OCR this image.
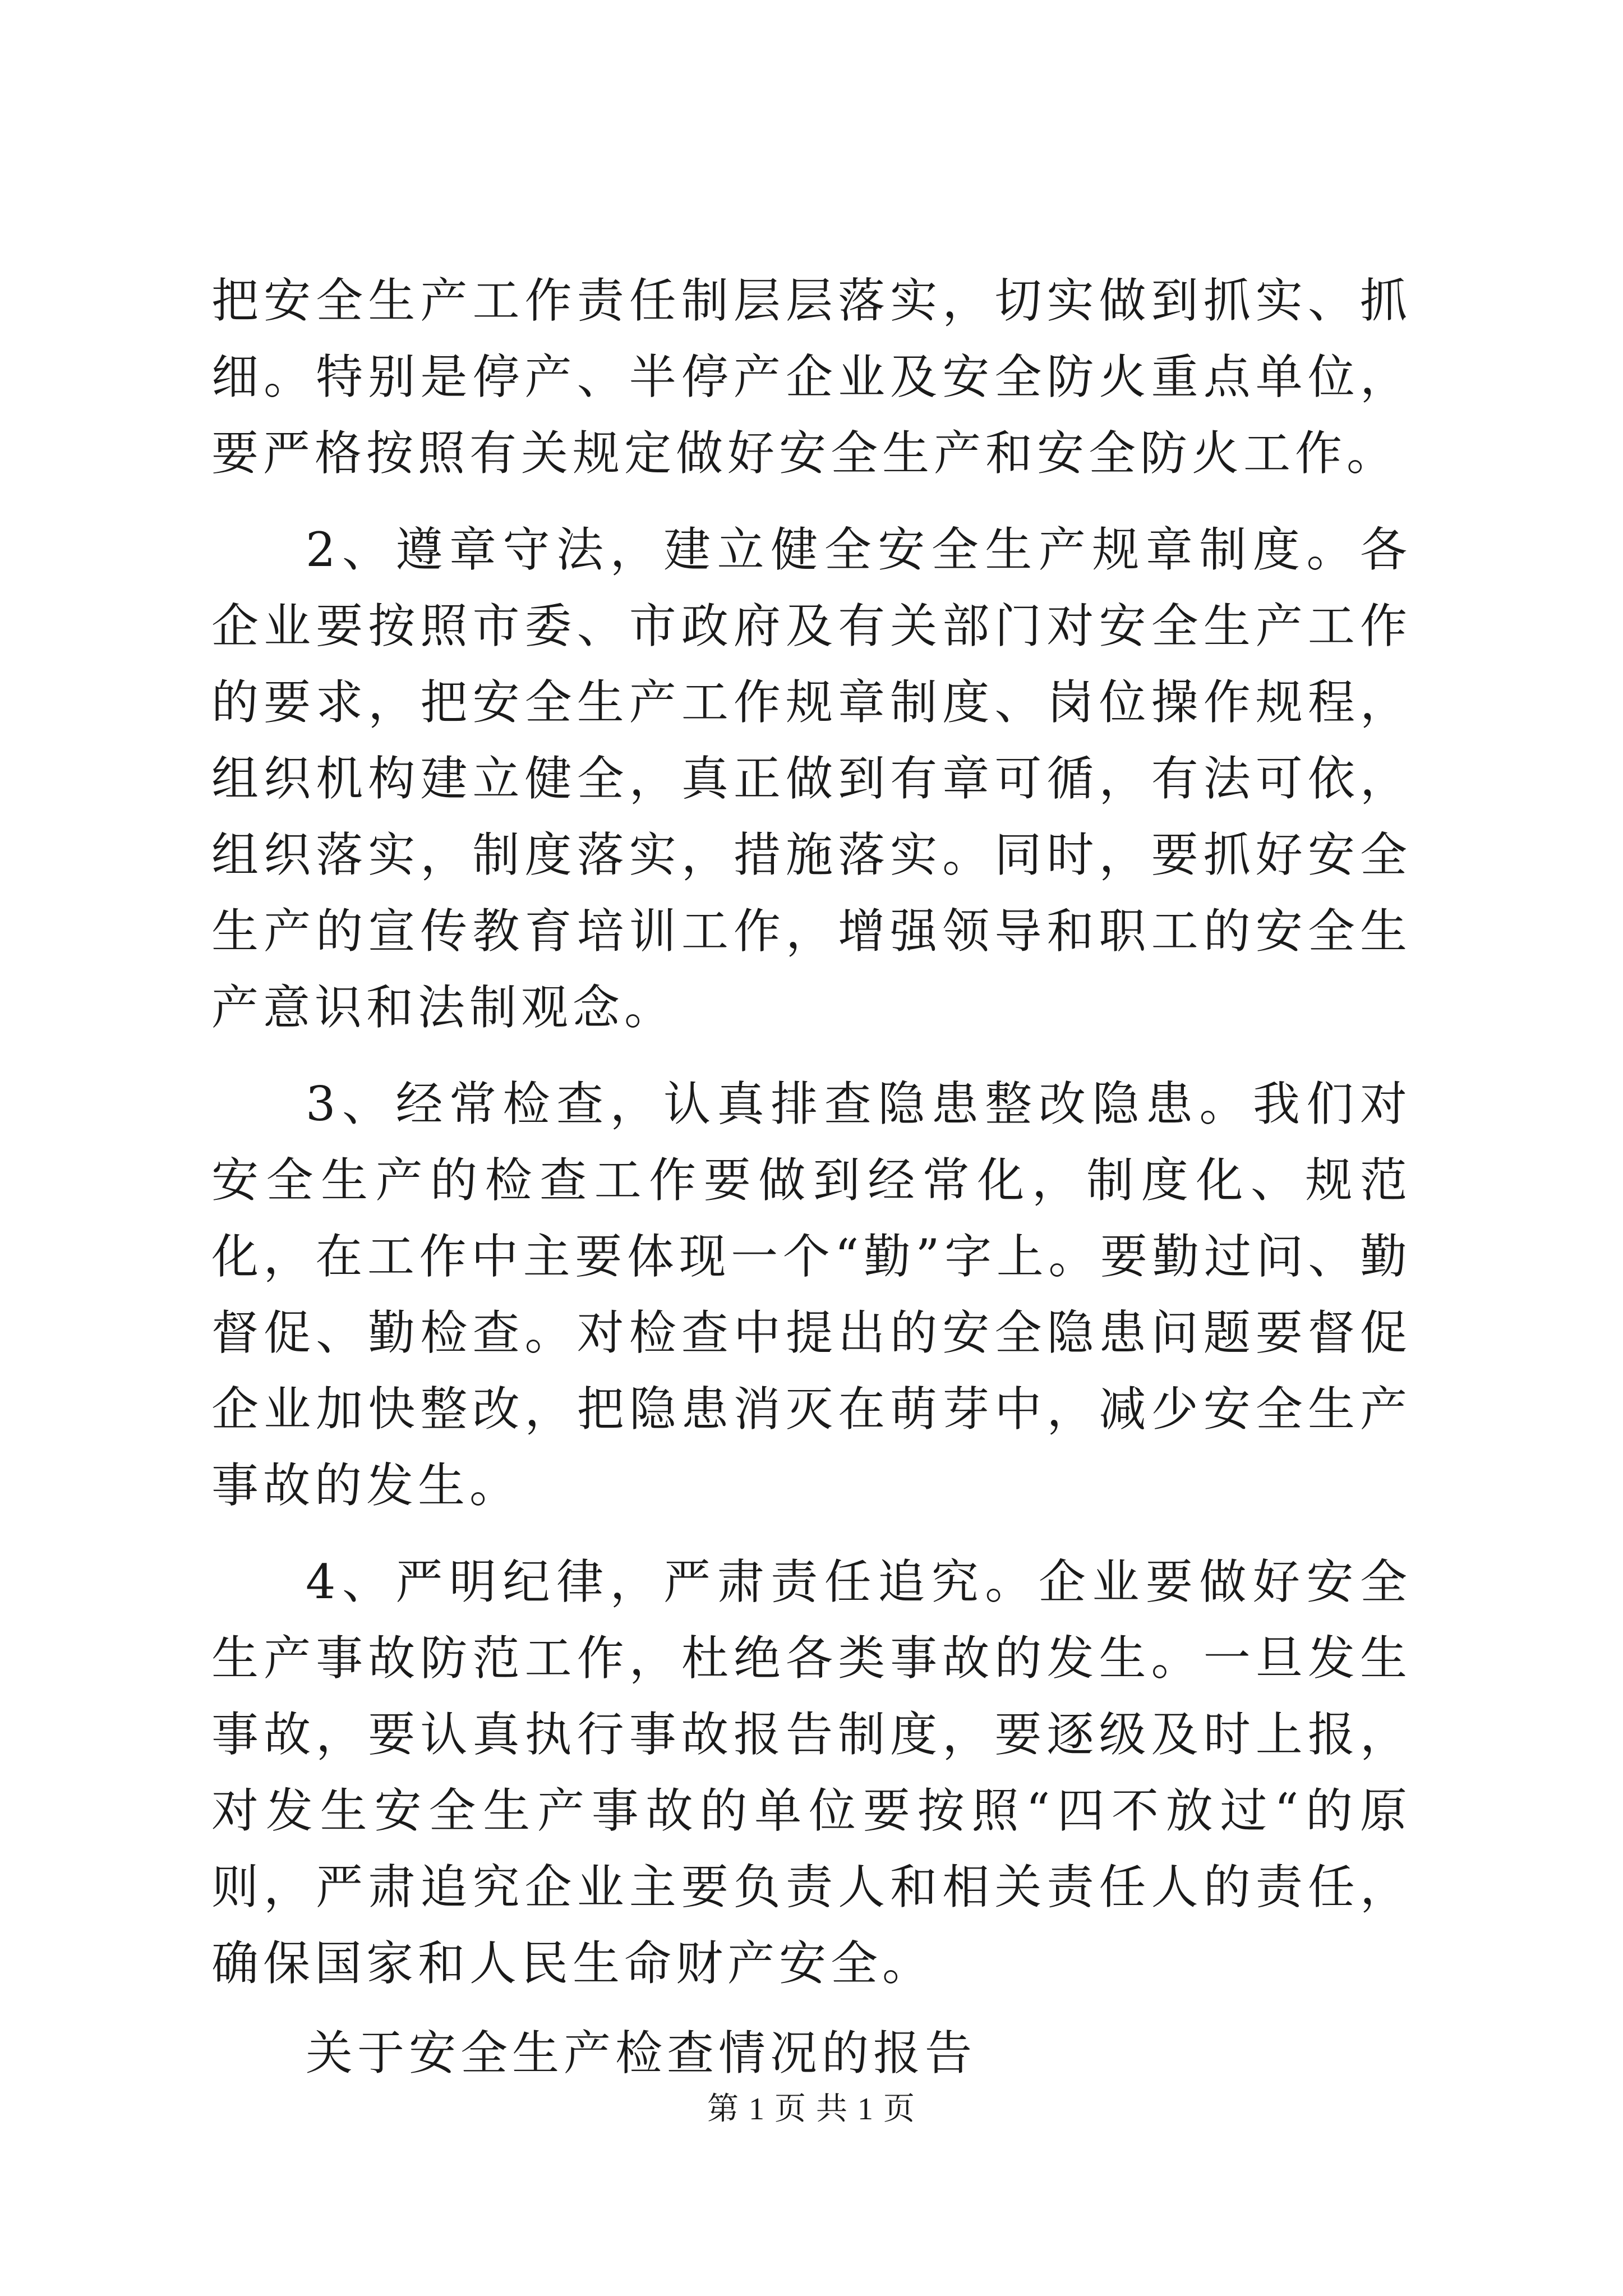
把安全生产工作责任制层层落实，切实做到抓实、抓细。特别是停产、半停产企业及安全防火重点单位，要严格按照有关规定做好安全生产和安全防火工作。

2、遵章守法，建立健全安全生产规章制度。各企业要按照市委、市政府及有关部门对安全生产工作的要求，把安全生产工作规章制度、岗位操作规程，组织机构建立健全，真正做到有章可循，有法可依，组织落实，制度落实，措施落实。同时，要抓好安全生产的宣传教育培训工作，增强领导和职工的安全生产意识和法制观念。

3、经常检查，认真排查隐患整改隐患。我们对安全生产的检查工作要做到经常化，制度化、规范化，在工作中主要体现一个“勤”字上。要勤过问、勤督促、勤检查。对检查中提出的安全隐患问题要督促企业加快整改，把隐患消灭在萌芽中，减少安全生产事故的发生。

4、严明纪律，严肃责任追究。企业要做好安全生产事故防范工作，杜绝各类事故的发生。一旦发生事故，要认真执行事故报告制度，要逐级及时上报，对发生安全生产事故的单位要按照“四不放过“的原则，严肃追究企业主要负责人和相关责任人的责任，确保国家和人民生命财产安全。

关于安全生产检查情况的报告

第 1 页 共 1 页
